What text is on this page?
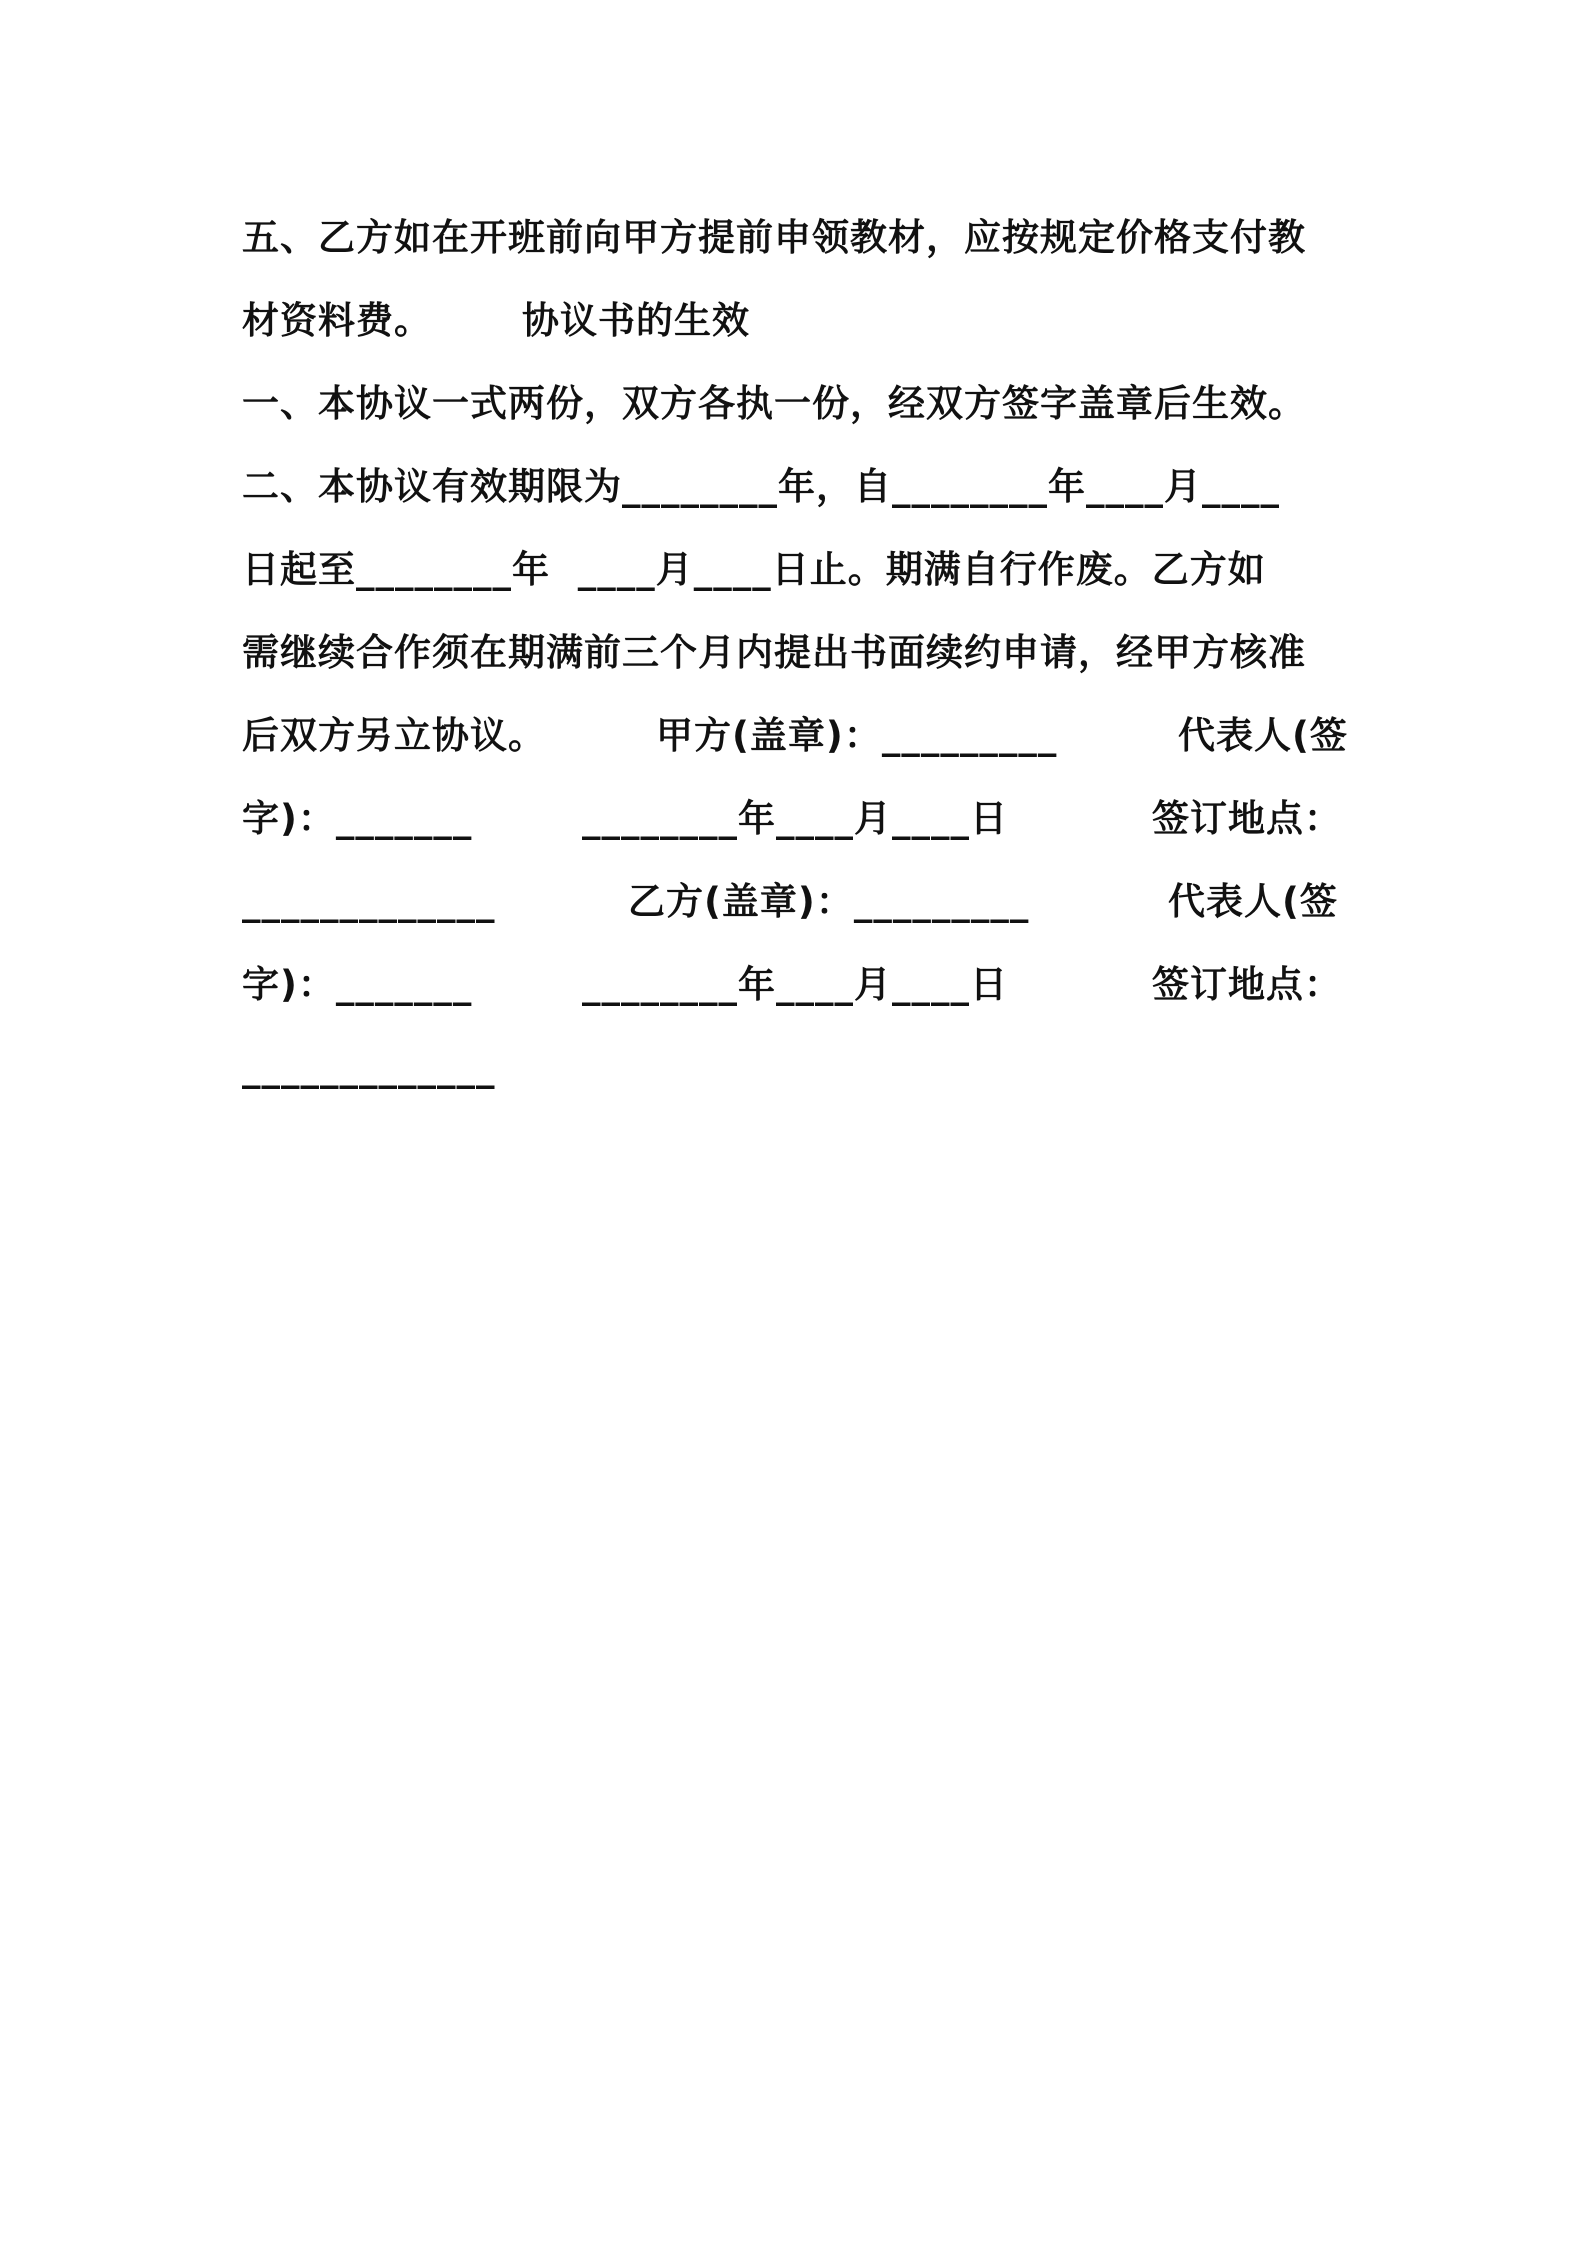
五、乙方如在开班前向甲方提前申领教材，应按规定价格支付教

材资料费。

协议书的生效

一、本协议一式两份，双方各执一份，经双方签字盖章后生效。

二、本协议有效期限为________年，自________年____月____

日起至________年  ____月____日止。期满自行作废。乙方如

需继续合作须在期满前三个月内提出书面续约申请，经甲方核准

后双方另立协议。

	甲方(盖章)：_________

	代表人(签

字)：_______

	________年____月____日

	签订地点：

_____________

	乙方(盖章)：_________

	代表人(签

字)：_______

	________年____月____日

	签订地点：

_____________
